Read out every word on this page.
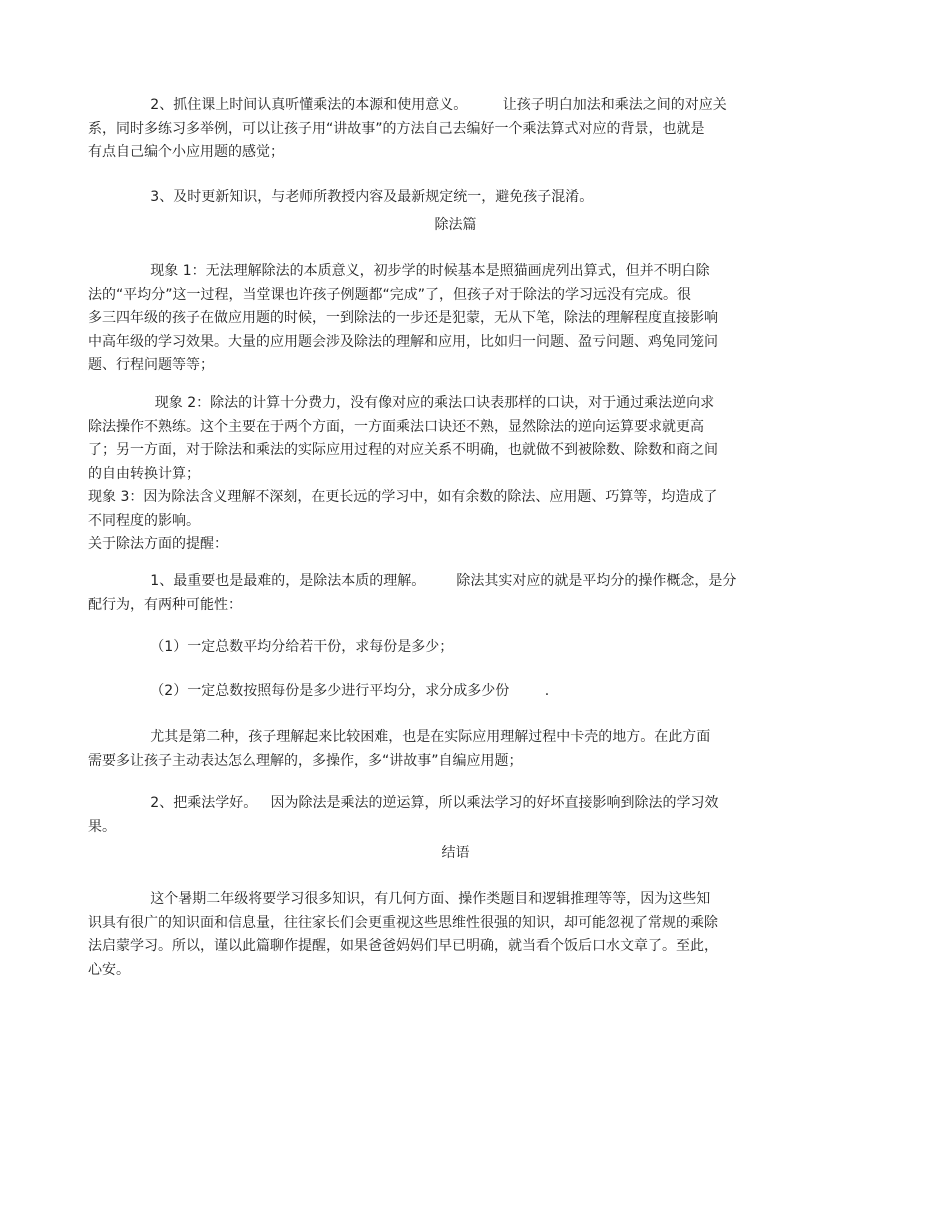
2、抓住课上时间认真听懂乘法的本源和使用意义。        让孩子明白加法和乘法之间的对应关
系，同时多练习多举例，可以让孩子用“讲故事”的方法自己去编好一个乘法算式对应的背景，也就是
有点自己编个小应用题的感觉；
3、及时更新知识，与老师所教授内容及最新规定统一，避免孩子混淆。
除法篇
现象 1：无法理解除法的本质意义，初步学的时候基本是照猫画虎列出算式，但并不明白除
法的“平均分”这一过程，当堂课也许孩子例题都“完成”了，但孩子对于除法的学习远没有完成。很
多三四年级的孩子在做应用题的时候，一到除法的一步还是犯蒙，无从下笔，除法的理解程度直接影响
中高年级的学习效果。大量的应用题会涉及除法的理解和应用，比如归一问题、盈亏问题、鸡兔同笼问
题、行程问题等等；
现象 2：除法的计算十分费力，没有像对应的乘法口诀表那样的口诀，对于通过乘法逆向求
除法操作不熟练。这个主要在于两个方面，一方面乘法口诀还不熟，显然除法的逆向运算要求就更高
了；另一方面，对于除法和乘法的实际应用过程的对应关系不明确，也就做不到被除数、除数和商之间
的自由转换计算；
现象 3：因为除法含义理解不深刻，在更长远的学习中，如有余数的除法、应用题、巧算等，均造成了
不同程度的影响。
关于除法方面的提醒：
1、最重要也是最难的，是除法本质的理解。       除法其实对应的就是平均分的操作概念，是分
配行为，有两种可能性：
（1）一定总数平均分给若干份，求每份是多少；
（2）一定总数按照每份是多少进行平均分，求分成多少份        .
尤其是第二种，孩子理解起来比较困难，也是在实际应用理解过程中卡壳的地方。在此方面
需要多让孩子主动表达怎么理解的，多操作，多“讲故事”自编应用题；
2、把乘法学好。   因为除法是乘法的逆运算，所以乘法学习的好坏直接影响到除法的学习效
果。
结语
这个暑期二年级将要学习很多知识，有几何方面、操作类题目和逻辑推理等等，因为这些知
识具有很广的知识面和信息量，往往家长们会更重视这些思维性很强的知识，却可能忽视了常规的乘除
法启蒙学习。所以，谨以此篇聊作提醒，如果爸爸妈妈们早已明确，就当看个饭后口水文章了。至此，
心安。
